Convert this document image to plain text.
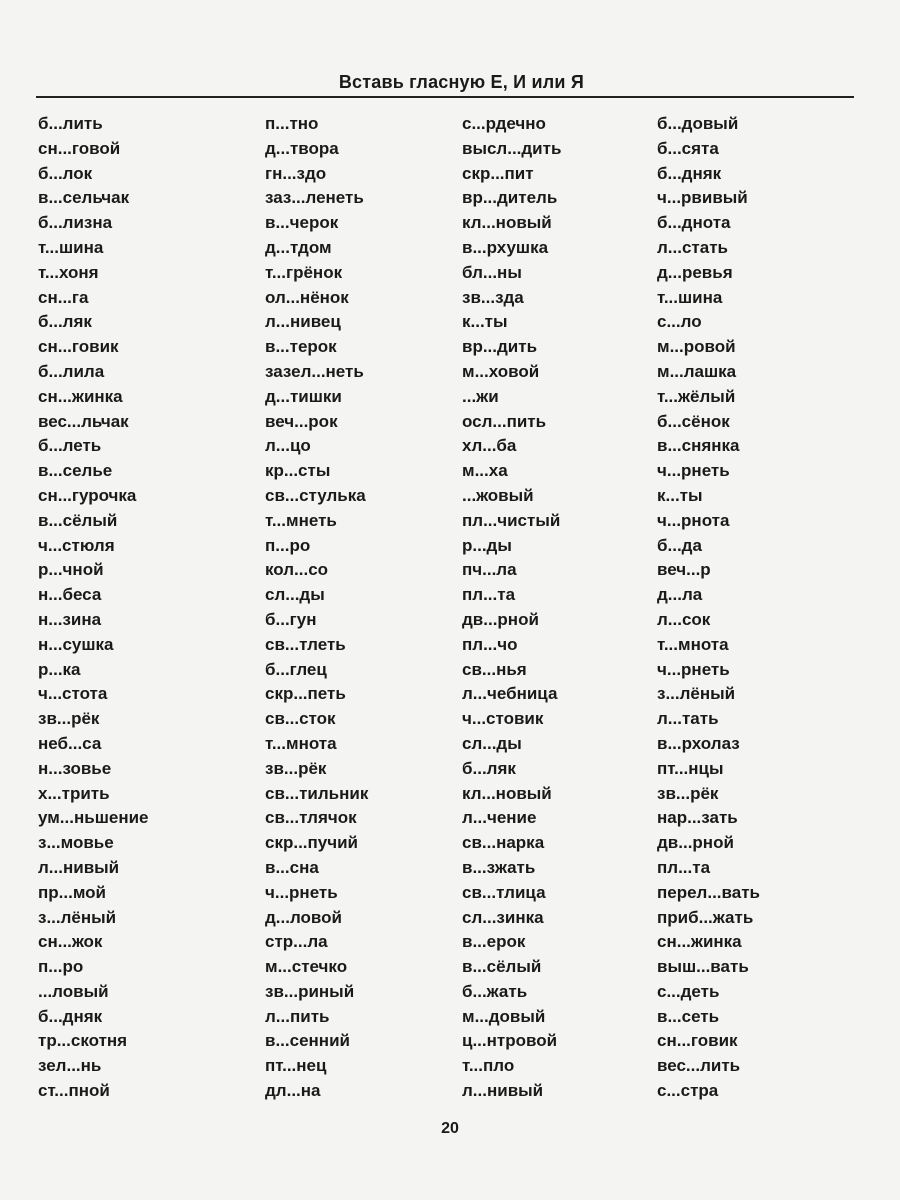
Вставь гласную Е, И или Я
б...лить
сн...говой
б...лок
в...сельчак
б...лизна
т...шина
т...хоня
сн...га
б...ляк
сн...говик
б...лила
сн...жинка
вес...льчак
б...леть
в...селье
сн...гурочка
в...сёлый
ч...стюля
р...чной
н...беса
н...зина
н...сушка
р...ка
ч...стота
зв...рёк
неб...са
н...зовье
х...трить
ум...ньшение
з...мовье
л...нивый
пр...мой
з...лёный
сн...жок
п...ро
...ловый
б...дняк
тр...скотня
зел...нь
ст...пной
п...тно
д...твора
гн...здо
заз...ленеть
в...черок
д...тдом
т...грёнок
ол...нёнок
л...нивец
в...терок
зазел...неть
д...тишки
веч...рок
л...цо
кр...сты
св...стулька
т...мнеть
п...ро
кол...со
сл...ды
б...гун
св...тлеть
б...глец
скр...петь
св...сток
т...мнота
зв...рёк
св...тильник
св...тлячок
скр...пучий
в...сна
ч...рнеть
д...ловой
стр...ла
м...стечко
зв...риный
л...пить
в...сенний
пт...нец
дл...на
с...рдечно
высл...дить
скр...пит
вр...дитель
кл...новый
в...рхушка
бл...ны
зв...зда
к...ты
вр...дить
м...ховой
...жи
осл...пить
хл...ба
м...ха
...жовый
пл...чистый
р...ды
пч...ла
пл...та
дв...рной
пл...чо
св...нья
л...чебница
ч...стовик
сл...ды
б...ляк
кл...новый
л...чение
св...нарка
в...зжать
св...тлица
сл...зинка
в...ерок
в...сёлый
б...жать
м...довый
ц...нтровой
т...пло
л...нивый
б...довый
б...сята
б...дняк
ч...рвивый
б...днота
л...стать
д...ревья
т...шина
с...ло
м...ровой
м...лашка
т...жёлый
б...сёнок
в...снянка
ч...рнеть
к...ты
ч...рнота
б...да
веч...р
д...ла
л...сок
т...мнота
ч...рнеть
з...лёный
л...тать
в...рхолаз
пт...нцы
зв...рёк
нар...зать
дв...рной
пл...та
перел...вать
приб...жать
сн...жинка
выш...вать
с...деть
в...сеть
сн...говик
вес...лить
с...стра
20
